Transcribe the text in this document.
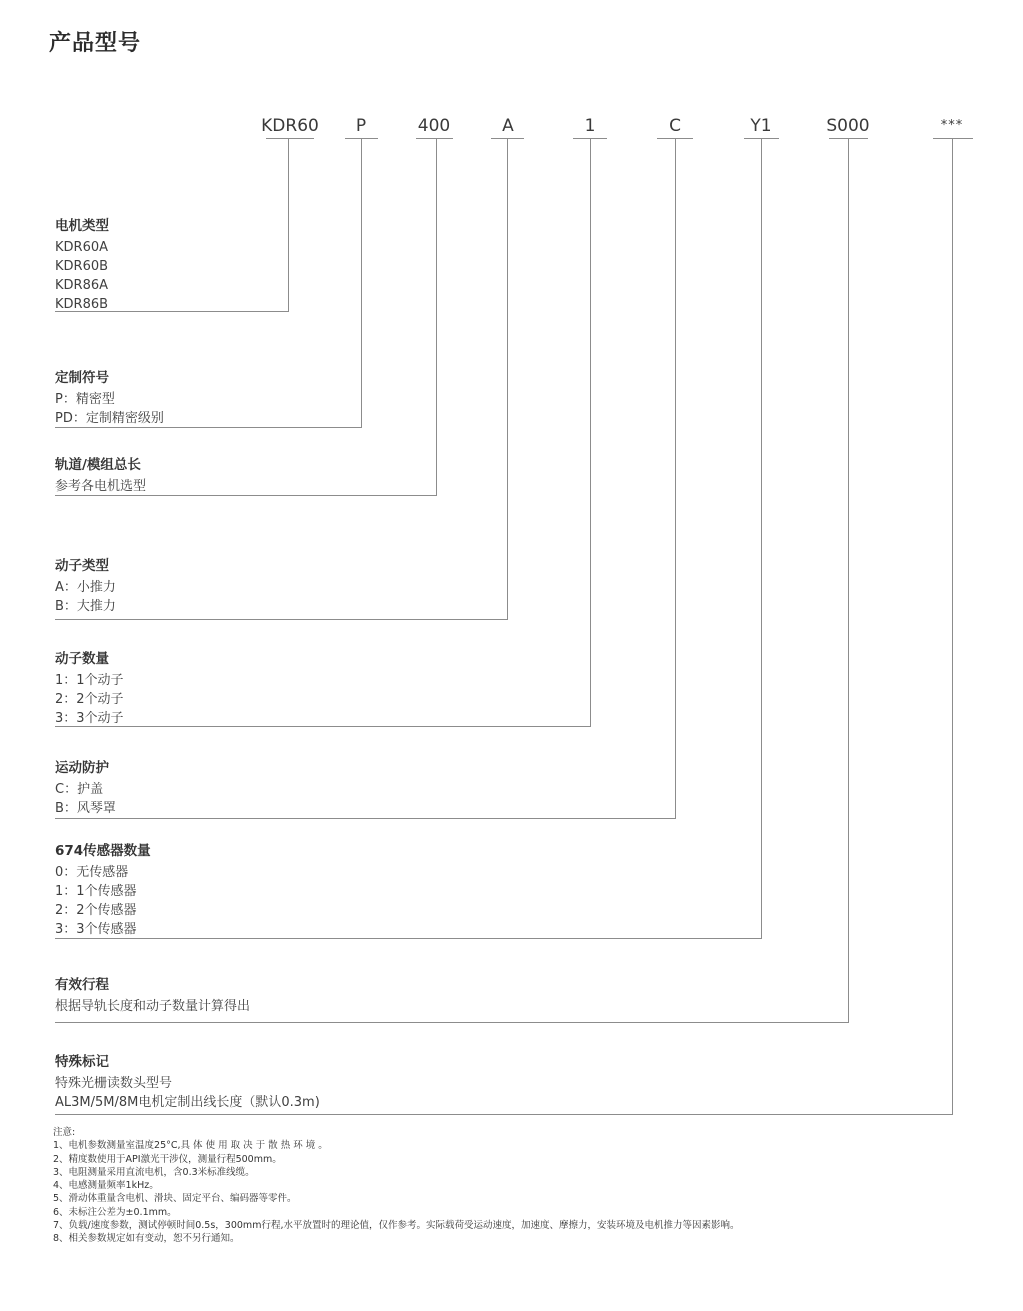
产品型号
KDR60	P	400	A	1	C	Y1	S000	***
电机类型
KDR60A
KDR60B
KDR86A
KDR86B
定制符号
P：精密型
PD：定制精密级别
轨道/模组总长
参考各电机选型
动子类型
A：小推力
B：大推力
动子数量
1：1个动子
2：2个动子
3：3个动子
运动防护
C：护盖
B：风琴罩
674传感器数量
0：无传感器
1：1个传感器
2：2个传感器
3：3个传感器
有效行程
根据导轨长度和动子数量计算得出
特殊标记
特殊光栅读数头型号
AL3M/5M/8M电机定制出线长度（默认0.3m)
注意:
1、电机参数测量室温度25°C,具 体 使 用 取 决 于 散 热 环 境 。
2、精度数使用于API激光干涉仪，测量行程500mm。
3、电阻测量采用直流电机，含0.3米标准线缆。
4、电感测量频率1kHz。
5、滑动体重量含电机、滑块、固定平台、编码器等零件。
6、未标注公差为±0.1mm。
7、负载/速度参数，测试停顿时间0.5s，300mm行程,水平放置时的理论值，仅作参考。实际载荷受运动速度，加速度、摩擦力，安装环境及电机推力等因素影响。
8、相关参数规定如有变动，恕不另行通知。
